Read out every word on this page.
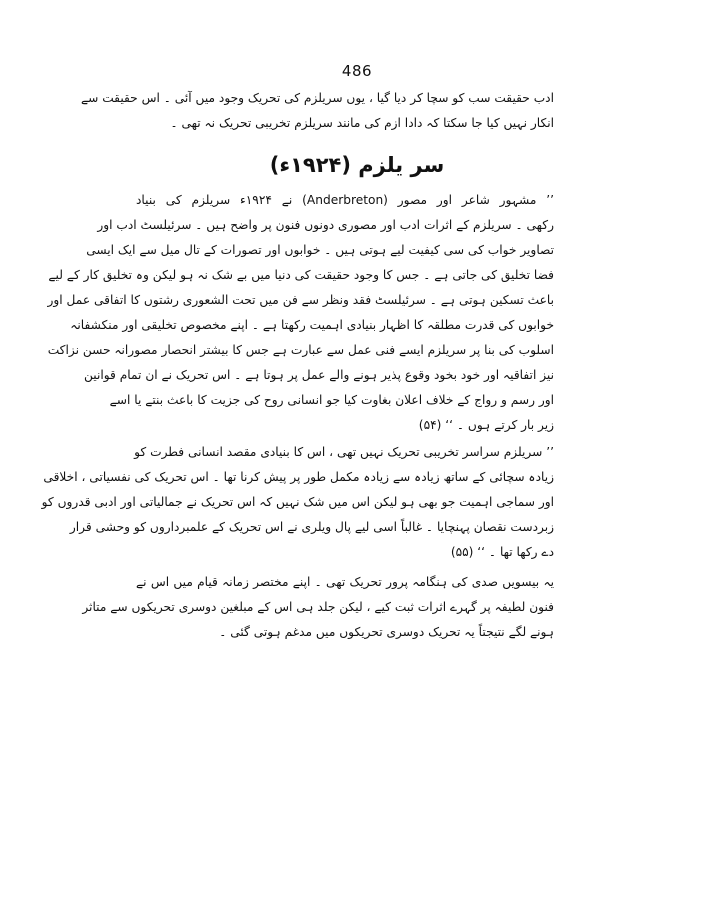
486
ادب حقیقت سب کو سچا کر دیا گیا ، یوں سریلزم کی تحریک وجود میں آئی ۔ اس حقیقت سے
انکار نہیں کیا جا سکتا کہ دادا ازم کی مانند سریلزم تخریبی تحریک نہ تھی ۔
سر یلزم (۱۹۲۴ء)
’’ مشہور شاعر اور مصور (Anderbreton) نے ۱۹۲۴ء سریلزم کی بنیاد
رکھی ۔ سریلزم کے اثرات ادب اور مصوری دونوں فنون پر واضح ہیں ۔ سرئیلسٹ ادب اور
تصاویر خواب کی سی کیفیت لیے ہوتی ہیں ۔ خوابوں اور تصورات کے تال میل سے ایک ایسی
فضا تخلیق کی جاتی ہے ۔ جس کا وجود حقیقت کی دنیا میں بے شک نہ ہو لیکن وہ تخلیق کار کے لیے
باعث تسکین ہوتی ہے ۔ سرئیلسٹ فقد ونظر سے فن میں تحت الشعوری رشتوں کا اتفاقی عمل اور
خوابوں کی قدرت مطلقہ کا اظہار بنیادی اہمیت رکھتا ہے ۔ اپنے مخصوص تخلیقی اور منکشفانہ
اسلوب کی بنا پر سریلزم ایسے فنی عمل سے عبارت ہے جس کا بیشتر انحصار مصورانہ حسن نزاکت
نیز اتفاقیہ اور خود بخود وقوع پذیر ہونے والے عمل پر ہوتا ہے ۔ اس تحریک نے ان تمام قوانین
اور رسم و رواج کے خلاف اعلان بغاوت کیا جو انسانی روح کی جزیت کا باعث بنتے یا اسے
زیر بار کرتے ہوں ۔ ‘‘ (۵۴)
’’ سریلزم سراسر تخریبی تحریک نہیں تھی ، اس کا بنیادی مقصد انسانی فطرت کو
زیادہ سچائی کے ساتھ زیادہ سے زیادہ مکمل طور پر پیش کرنا تھا ۔ اس تحریک کی نفسیاتی ، اخلاقی
اور سماجی اہمیت جو بھی ہو لیکن اس میں شک نہیں کہ اس تحریک نے جمالیاتی اور ادبی قدروں کو
زبردست نقصان پہنچایا ۔ غالباً اسی لیے پال ویلری نے اس تحریک کے علمبرداروں کو وحشی قرار
دے رکھا تھا ۔ ‘‘ (۵۵)
یہ بیسویں صدی کی ہنگامہ پرور تحریک تھی ۔ اپنے مختصر زمانہ قیام میں اس نے
فنون لطیفہ پر گہرے اثرات ثبت کیے ، لیکن جلد ہی اس کے مبلغین دوسری تحریکوں سے متاثر
ہونے لگے نتیجتاً یہ تحریک دوسری تحریکوں میں مدغم ہوتی گئی ۔
